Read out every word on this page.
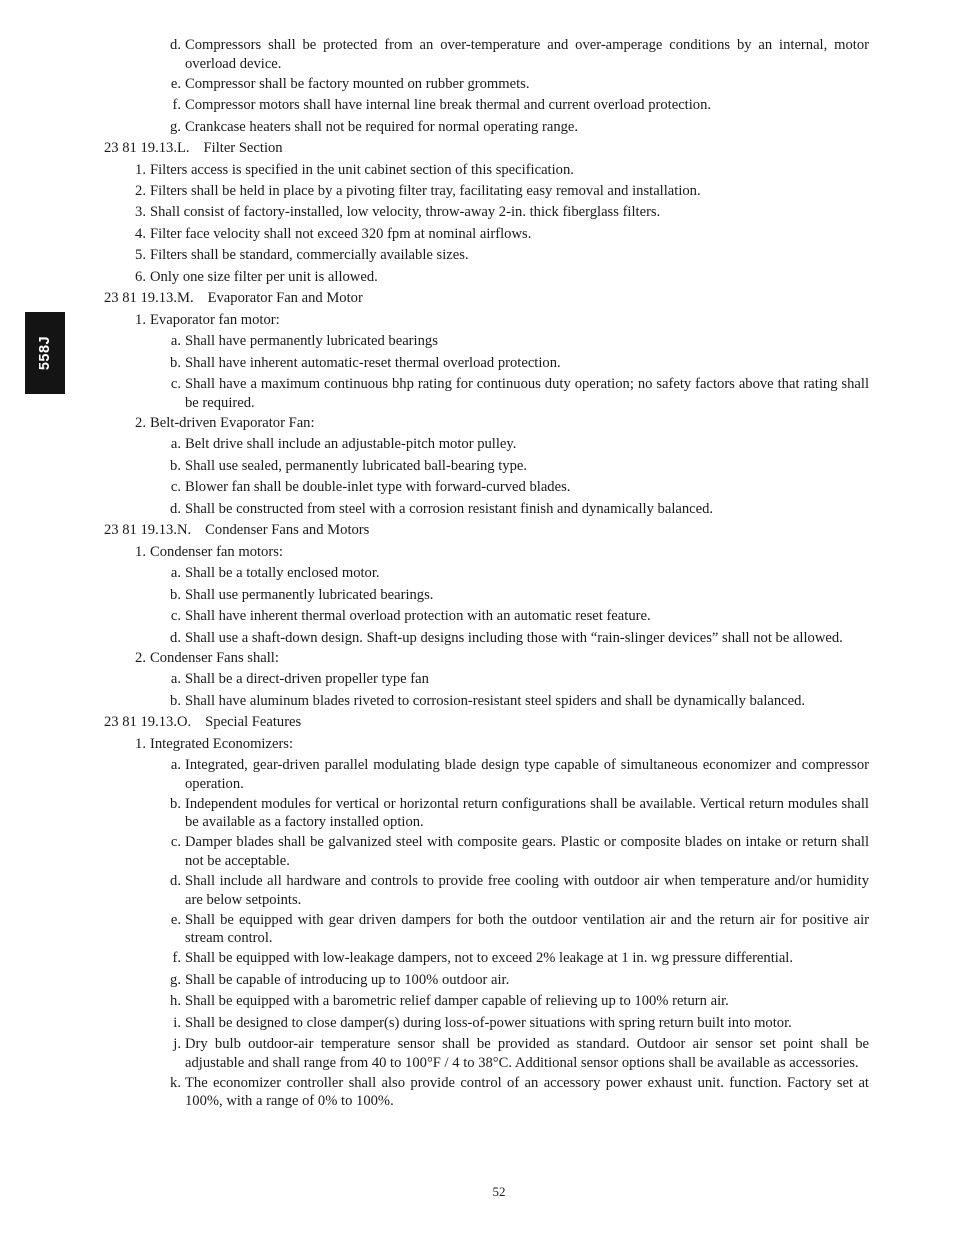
d. Compressors shall be protected from an over-temperature and over-amperage conditions by an internal, motor overload device.
e. Compressor shall be factory mounted on rubber grommets.
f. Compressor motors shall have internal line break thermal and current overload protection.
g. Crankcase heaters shall not be required for normal operating range.
23 81 19.13.L. Filter Section
1. Filters access is specified in the unit cabinet section of this specification.
2. Filters shall be held in place by a pivoting filter tray, facilitating easy removal and installation.
3. Shall consist of factory-installed, low velocity, throw-away 2-in. thick fiberglass filters.
4. Filter face velocity shall not exceed 320 fpm at nominal airflows.
5. Filters shall be standard, commercially available sizes.
6. Only one size filter per unit is allowed.
23 81 19.13.M. Evaporator Fan and Motor
1. Evaporator fan motor:
a. Shall have permanently lubricated bearings
b. Shall have inherent automatic-reset thermal overload protection.
c. Shall have a maximum continuous bhp rating for continuous duty operation; no safety factors above that rating shall be required.
2. Belt-driven Evaporator Fan:
a. Belt drive shall include an adjustable-pitch motor pulley.
b. Shall use sealed, permanently lubricated ball-bearing type.
c. Blower fan shall be double-inlet type with forward-curved blades.
d. Shall be constructed from steel with a corrosion resistant finish and dynamically balanced.
23 81 19.13.N. Condenser Fans and Motors
1. Condenser fan motors:
a. Shall be a totally enclosed motor.
b. Shall use permanently lubricated bearings.
c. Shall have inherent thermal overload protection with an automatic reset feature.
d. Shall use a shaft-down design. Shaft-up designs including those with “rain-slinger devices” shall not be allowed.
2. Condenser Fans shall:
a. Shall be a direct-driven propeller type fan
b. Shall have aluminum blades riveted to corrosion-resistant steel spiders and shall be dynamically balanced.
23 81 19.13.O. Special Features
1. Integrated Economizers:
a. Integrated, gear-driven parallel modulating blade design type capable of simultaneous economizer and compressor operation.
b. Independent modules for vertical or horizontal return configurations shall be available. Vertical return modules shall be available as a factory installed option.
c. Damper blades shall be galvanized steel with composite gears. Plastic or composite blades on intake or return shall not be acceptable.
d. Shall include all hardware and controls to provide free cooling with outdoor air when temperature and/or humidity are below setpoints.
e. Shall be equipped with gear driven dampers for both the outdoor ventilation air and the return air for positive air stream control.
f. Shall be equipped with low-leakage dampers, not to exceed 2% leakage at 1 in. wg pressure differential.
g. Shall be capable of introducing up to 100% outdoor air.
h. Shall be equipped with a barometric relief damper capable of relieving up to 100% return air.
i. Shall be designed to close damper(s) during loss-of-power situations with spring return built into motor.
j. Dry bulb outdoor-air temperature sensor shall be provided as standard. Outdoor air sensor set point shall be adjustable and shall range from 40 to 100°F / 4 to 38°C. Additional sensor options shall be available as accessories.
k. The economizer controller shall also provide control of an accessory power exhaust unit. function. Factory set at 100%, with a range of 0% to 100%.
558J
52
